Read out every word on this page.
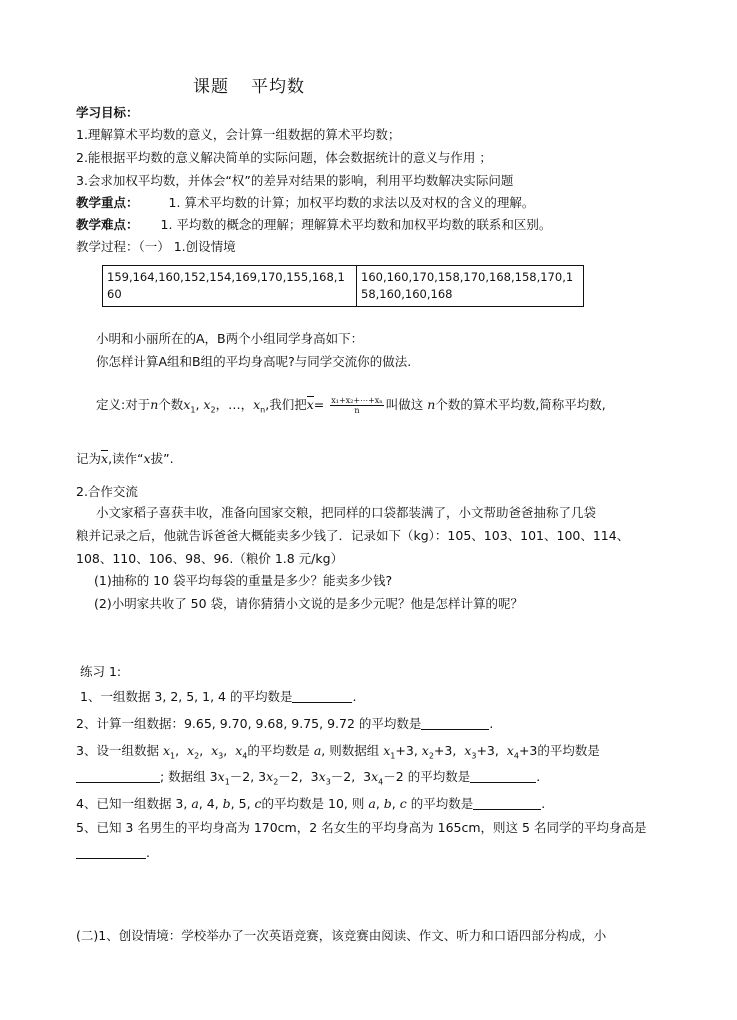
课题 平均数
学习目标：
1.理解算术平均数的意义，会计算一组数据的算术平均数；
2.能根据平均数的意义解决简单的实际问题，体会数据统计的意义与作用 ；
3.会求加权平均数，并体会“权”的差异对结果的影响，利用平均数解决实际问题
教学重点： 1. 算术平均数的计算；加权平均数的求法以及对权的含义的理解。
教学难点： 1. 平均数的概念的理解；理解算术平均数和加权平均数的联系和区别。
教学过程：（一） 1.创设情境
159,164,160,152,154,169,170,155,168,160	160,160,170,158,170,168,158,170,158,160,160,168
小明和小丽所在的A，B两个小组同学身高如下：
你怎样计算A组和B组的平均身高呢?与同学交流你的做法.
定义:对于n个数$x_1$, $x_2$，…，$x_n$,我们把$x= \frac{\text{x₁+x₂+⋯+xₙ}}{n}$ 叫做这 n个数的算术平均数,简称平均数,
记为x,读作“x拔”.
2.合作交流
小文家稻子喜获丰收，准备向国家交粮，把同样的口袋都装满了，小文帮助爸爸抽称了几袋
粮并记录之后，他就告诉爸爸大概能卖多少钱了．记录如下（kg）：105、103、101、100、114、
108、110、106、98、96.（粮价 1.8 元/kg）
(1)抽称的 10 袋平均每袋的重量是多少？能卖多少钱?
(2)小明家共收了 50 袋，请你猜猜小文说的是多少元呢？他是怎样计算的呢？
练习 1:
1、一组数据 3, 2, 5, 1, 4 的平均数是	.
2、计算一组数据：9.65, 9.70, 9.68, 9.75, 9.72 的平均数是	.
3、设一组数据 $x_1$,  $x_2$,  $x_3$,  $x_4$的平均数是 a, 则数据组 $x_1+3$, $x_2+3$,  $x_3+3$,  $x_4+3$的平均数是
; 数据组 $3x_1-2$, $3x_2-2$,  $3x_3-2$,  $3x_4-2$ 的平均数是	.
4、已知一组数据 3, a, 4, b, 5, c的平均数是 10, 则 a, b, c 的平均数是	.
5、已知 3 名男生的平均身高为 170cm，2 名女生的平均身高为 165cm，则这 5 名同学的平均身高是
.
(二)1、创设情境：学校举办了一次英语竞赛，该竞赛由阅读、作文、听力和口语四部分构成，小
